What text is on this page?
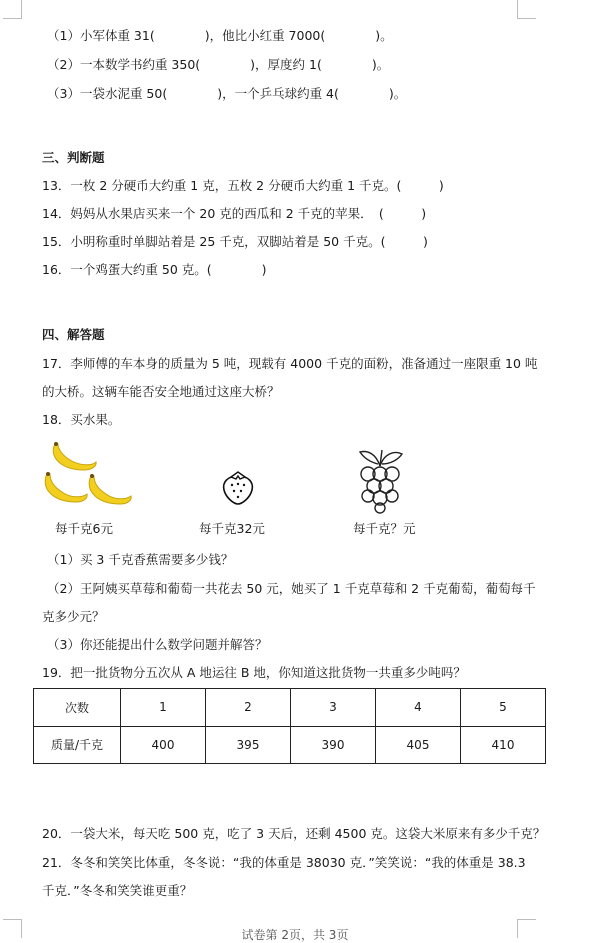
（1）小军体重 31(　　　　)，他比小红重 7000(　　　　)。
（2）一本数学书约重 350(　　　　)，厚度约 1(　　　　)。
（3）一袋水泥重 50(　　　　)，一个乒乓球约重 4(　　　　)。
三、判断题
13．一枚 2 分硬币大约重 1 克，五枚 2 分硬币大约重 1 千克。(　　　)
14．妈妈从水果店买来一个 20 克的西瓜和 2 千克的苹果．　(　　　)
15．小明称重时单脚站着是 25 千克，双脚站着是 50 千克。(　　　)
16．一个鸡蛋大约重 50 克。(　　　　)
四、解答题
17．李师傅的车本身的质量为 5 吨，现载有 4000 千克的面粉，准备通过一座限重 10 吨
的大桥。这辆车能否安全地通过这座大桥？
18．买水果。
每千克6元	每千克32元	每千克？元
（1）买 3 千克香蕉需要多少钱？
（2）王阿姨买草莓和葡萄一共花去 50 元，她买了 1 千克草莓和 2 千克葡萄，葡萄每千
克多少元？
（3）你还能提出什么数学问题并解答？
19．把一批货物分五次从 A 地运往 B 地，你知道这批货物一共重多少吨吗？
次数	1	2	3	4	5
质量/千克	400	395	390	405	410
20．一袋大米，每天吃 500 克，吃了 3 天后，还剩 4500 克。这袋大米原来有多少千克？
21．冬冬和笑笑比体重，冬冬说：“我的体重是 38030 克．”笑笑说：“我的体重是 38.3
千克．”冬冬和笑笑谁更重？
试卷第 2页，共 3页
